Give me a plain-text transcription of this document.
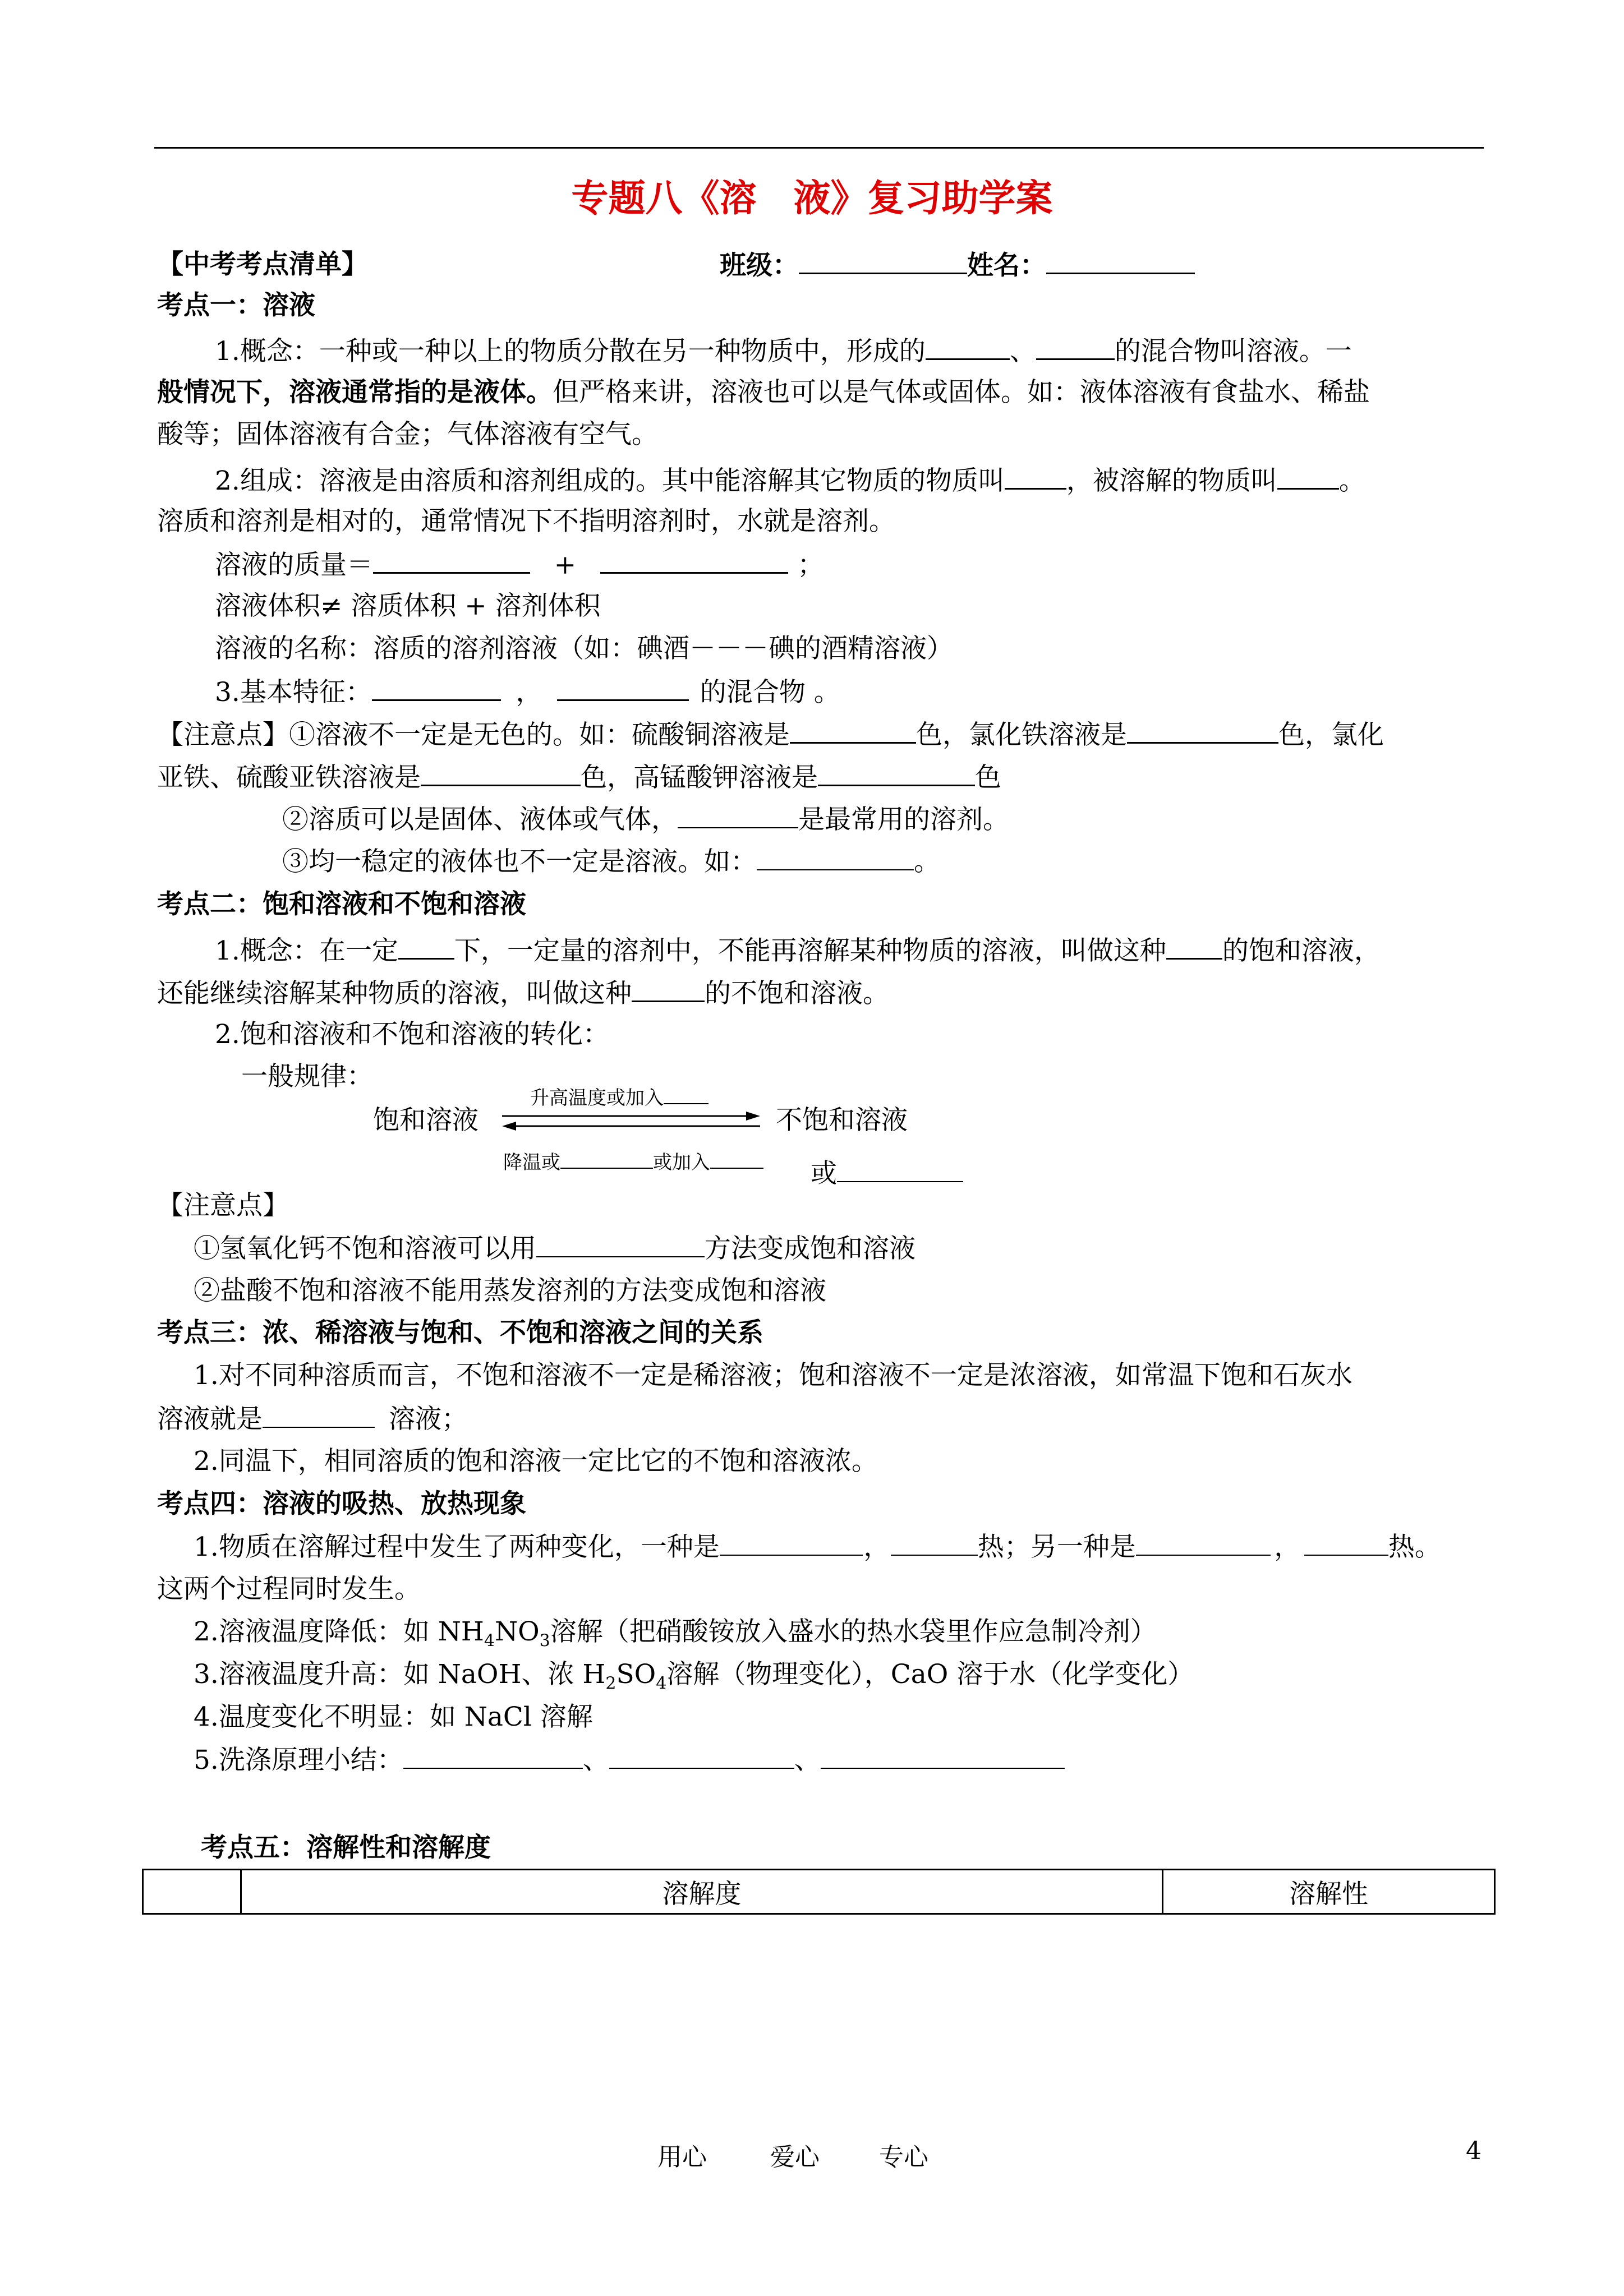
专题八《溶　液》复习助学案
【中考考点清单】	班级：	姓名：
考点一：溶液
1.概念：一种或一种以上的物质分散在另一种物质中，形成的	、	的混合物叫溶液。一
般情况下，溶液通常指的是液体。但严格来讲，溶液也可以是气体或固体。如：液体溶液有食盐水、稀盐
酸等；固体溶液有合金；气体溶液有空气。
2.组成：溶液是由溶质和溶剂组成的。其中能溶解其它物质的物质叫 ，被溶解的物质叫 。
溶质和溶剂是相对的，通常情况下不指明溶剂时，水就是溶剂。
溶液的质量＝	+	；
溶液体积≠ 溶质体积 + 溶剂体积
溶液的名称：溶质的溶剂溶液（如：碘酒－－－碘的酒精溶液）
3.基本特征：	，	的混合物 。
【注意点】①溶液不一定是无色的。如：硫酸铜溶液是	色，氯化铁溶液是	色，氯化
亚铁、硫酸亚铁溶液是	色，高锰酸钾溶液是	色
②溶质可以是固体、液体或气体，	是最常用的溶剂。
③均一稳定的液体也不一定是溶液。如：	。
考点二：饱和溶液和不饱和溶液
1.概念：在一定 下，一定量的溶剂中，不能再溶解某种物质的溶液，叫做这种 的饱和溶液，
还能继续溶解某种物质的溶液，叫做这种	的不饱和溶液。
2.饱和溶液和不饱和溶液的转化：
一般规律：
饱和溶液	不饱和溶液
升高温度或加入
降温或	或加入	或
【注意点】
①氢氧化钙不饱和溶液可以用	方法变成饱和溶液
②盐酸不饱和溶液不能用蒸发溶剂的方法变成饱和溶液
考点三：浓、稀溶液与饱和、不饱和溶液之间的关系
1.对不同种溶质而言，不饱和溶液不一定是稀溶液；饱和溶液不一定是浓溶液，如常温下饱和石灰水
溶液就是	溶液；
2.同温下，相同溶质的饱和溶液一定比它的不饱和溶液浓。
考点四：溶液的吸热、放热现象
1.物质在溶解过程中发生了两种变化，一种是	，	热；另一种是	，	热。
这两个过程同时发生。
2.溶液温度降低：如 $NH_4NO_3$溶解（把硝酸铵放入盛水的热水袋里作应急制冷剂）
3.溶液温度升高：如 NaOH、浓 $H_2SO_4$溶解（物理变化），CaO 溶于水（化学变化）
4.温度变化不明显：如 NaCl 溶解
5.洗涤原理小结：	、	、
考点五：溶解性和溶解度
	溶解度	溶解性
用心	爱心 专心	4
